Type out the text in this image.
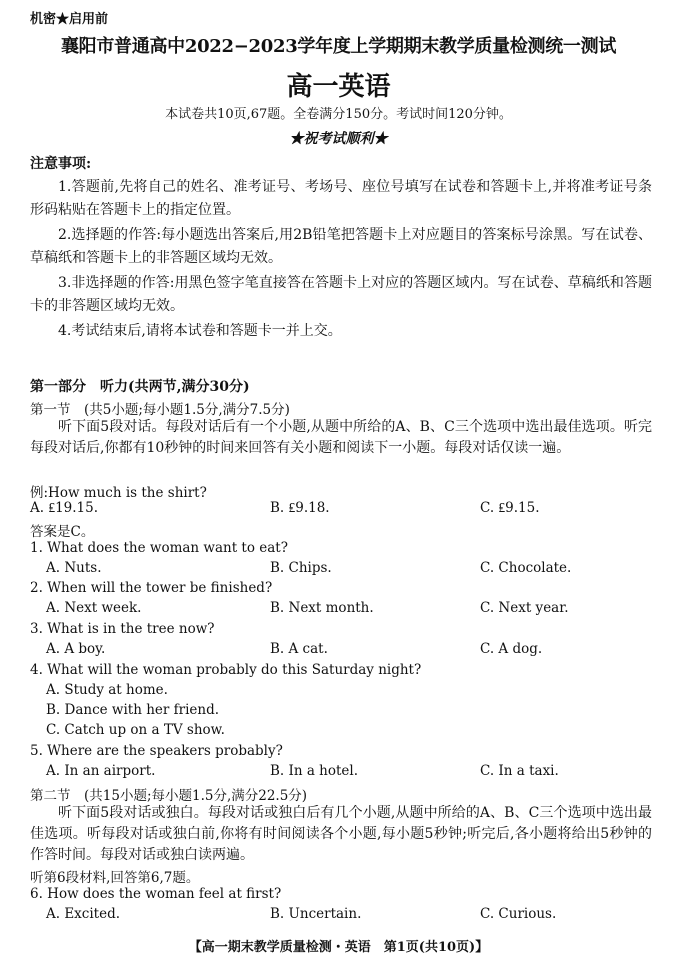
机密★启用前
襄阳市普通高中2022−2023学年度上学期期末教学质量检测统一测试
高一英语
本试卷共10页,67题。全卷满分150分。考试时间120分钟。
★祝考试顺利★
注意事项:
1.答题前,先将自己的姓名、准考证号、考场号、座位号填写在试卷和答题卡上,并将准考证号条形码粘贴在答题卡上的指定位置。
2.选择题的作答:每小题选出答案后,用2B铅笔把答题卡上对应题目的答案标号涂黑。写在试卷、草稿纸和答题卡上的非答题区域均无效。
3.非选择题的作答:用黑色签字笔直接答在答题卡上对应的答题区域内。写在试卷、草稿纸和答题卡的非答题区域均无效。
4.考试结束后,请将本试卷和答题卡一并上交。
第一部分　听力(共两节,满分30分)
第一节　(共5小题;每小题1.5分,满分7.5分)
听下面5段对话。每段对话后有一个小题,从题中所给的A、B、C三个选项中选出最佳选项。听完每段对话后,你都有10秒钟的时间来回答有关小题和阅读下一小题。每段对话仅读一遍。
例:How much is the shirt?
A. ₤19.15.	B. ₤9.18.	C. ₤9.15.
答案是C。
1. What does the woman want to eat?
A. Nuts.	B. Chips.	C. Chocolate.
2. When will the tower be finished?
A. Next week.	B. Next month.	C. Next year.
3. What is in the tree now?
A. A boy.	B. A cat.	C. A dog.
4. What will the woman probably do this Saturday night?
A. Study at home.
B. Dance with her friend.
C. Catch up on a TV show.
5. Where are the speakers probably?
A. In an airport.	B. In a hotel.	C. In a taxi.
第二节　(共15小题;每小题1.5分,满分22.5分)
听下面5段对话或独白。每段对话或独白后有几个小题,从题中所给的A、B、C三个选项中选出最佳选项。听每段对话或独白前,你将有时间阅读各个小题,每小题5秒钟;听完后,各小题将给出5秒钟的作答时间。每段对话或独白读两遍。
听第6段材料,回答第6,7题。
6. How does the woman feel at first?
A. Excited.	B. Uncertain.	C. Curious.
【高一期末教学质量检测・英语　第1页(共10页)】
